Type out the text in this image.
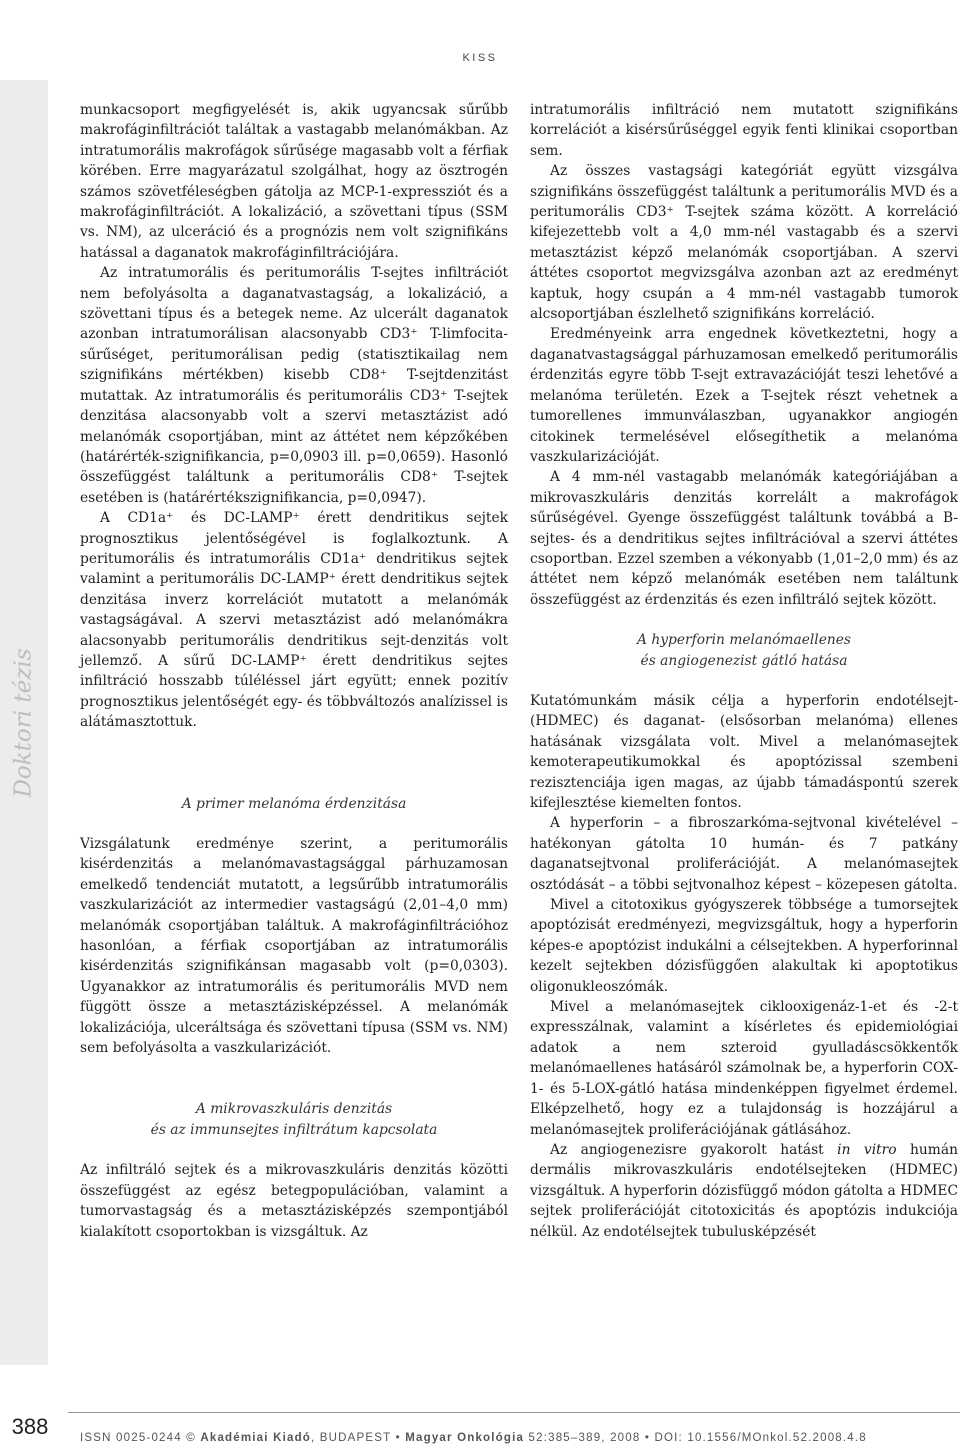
KISS
Doktori tézis

munkacsoport megfigyelését is, akik ugyancsak sűrűbb makrofáginfiltrációt találtak a vastagabb melanómákban. Az intratumorális makrofágok sűrűsége magasabb volt a férfiak körében. Erre magyarázatul szolgálhat, hogy az ösztrogén számos szövetféleségben gátolja az MCP-1-expressziót és a makrofáginfiltrációt. A lokalizáció, a szövettani típus (SSM vs. NM), az ulceráció és a prognózis nem volt szignifikáns hatással a daganatok makrofáginfiltrációjára.

Az intratumorális és peritumorális T-sejtes infiltrációt nem befolyásolta a daganatvastagság, a lokalizáció, a szövettani típus és a betegek neme. Az ulcerált daganatok azonban intratumorálisan alacsonyabb CD3⁺ T-limfocita-sűrűséget, peritumorálisan pedig (statisztikailag nem szignifikáns mértékben) kisebb CD8⁺ T-sejtdenzitást mutattak. Az intratumorális és peritumorális CD3⁺ T-sejtek denzitása alacsonyabb volt a szervi metasztázist adó melanómák csoportjában, mint az áttétet nem képzőkében (határérték-szignifikancia, p=0,0903 ill. p=0,0659). Hasonló összefüggést találtunk a peritumorális CD8⁺ T-sejtek esetében is (határértékszignifikancia, p=0,0947).

A CD1a⁺ és DC-LAMP⁺ érett dendritikus sejtek prognosztikus jelentőségével is foglalkoztunk. A peritumorális és intratumorális CD1a⁺ dendritikus sejtek valamint a peritumorális DC-LAMP⁺ érett dendritikus sejtek denzitása inverz korrelációt mutatott a melanómák vastagságával. A szervi metasztázist adó melanómákra alacsonyabb peritumorális dendritikus sejt-denzitás volt jellemző. A sűrű DC-LAMP⁺ érett dendritikus sejtes infiltráció hosszabb túléléssel járt együtt; ennek pozitív prognosztikus jelentőségét egy- és többváltozós analízissel is alátámasztottuk.

A primer melanóma érdenzitása

Vizsgálatunk eredménye szerint, a peritumorális kisérdenzitás a melanómavastagsággal párhuzamosan emelkedő tendenciát mutatott, a legsűrűbb intratumorális vaszkularizációt az intermedier vastagságú (2,01–4,0 mm) melanómák csoportjában találtuk. A makrofáginfiltrációhoz hasonlóan, a férfiak csoportjában az intratumorális kisérdenzitás szignifikánsan magasabb volt (p=0,0303). Ugyanakkor az intratumorális és peritumorális MVD nem függött össze a metasztázisképzéssel. A melanómák lokalizációja, ulceráltsága és szövettani típusa (SSM vs. NM) sem befolyásolta a vaszkularizációt.

A mikrovaszkuláris denzitás
és az immunsejtes infiltrátum kapcsolata

Az infiltráló sejtek és a mikrovaszkuláris denzitás közötti összefüggést az egész betegpopulációban, valamint a tumorvastagság és a metasztázisképzés szempontjából kialakított csoportokban is vizsgáltuk. Az

intratumorális infiltráció nem mutatott szignifikáns korrelációt a kisérsűrűséggel egyik fenti klinikai csoportban sem.

Az összes vastagsági kategóriát együtt vizsgálva szignifikáns összefüggést találtunk a peritumorális MVD és a peritumorális CD3⁺ T-sejtek száma között. A korreláció kifejezettebb volt a 4,0 mm-nél vastagabb és a szervi metasztázist képző melanómák csoportjában. A szervi áttétes csoportot megvizsgálva azonban azt az eredményt kaptuk, hogy csupán a 4 mm-nél vastagabb tumorok alcsoportjában észlelhető szignifikáns korreláció.

Eredményeink arra engednek következtetni, hogy a daganatvastagsággal párhuzamosan emelkedő peritumorális érdenzitás egyre több T-sejt extravazációját teszi lehetővé a melanóma területén. Ezek a T-sejtek részt vehetnek a tumorellenes immunválaszban, ugyanakkor angiogén citokinek termelésével elősegíthetik a melanóma vaszkularizációját.

A 4 mm-nél vastagabb melanómák kategóriájában a mikrovaszkuláris denzitás korrelált a makrofágok sűrűségével. Gyenge összefüggést találtunk továbbá a B-sejtes- és a dendritikus sejtes infiltrációval a szervi áttétes csoportban. Ezzel szemben a vékonyabb (1,01–2,0 mm) és az áttétet nem képző melanómák esetében nem találtunk összefüggést az érdenzitás és ezen infiltráló sejtek között.

A hyperforin melanómaellenes
és angiogenezist gátló hatása

Kutatómunkám másik célja a hyperforin endotélsejt- (HDMEC) és daganat- (elsősorban melanóma) ellenes hatásának vizsgálata volt. Mivel a melanómasejtek kemoterapeutikumokkal és apoptózissal szembeni rezisztenciája igen magas, az újabb támadáspontú szerek kifejlesztése kiemelten fontos.

A hyperforin – a fibroszarkóma-sejtvonal kivételével – hatékonyan gátolta 10 humán- és 7 patkány daganatsejtvonal proliferációját. A melanómasejtek osztódását – a többi sejtvonalhoz képest – közepesen gátolta.

Mivel a citotoxikus gyógyszerek többsége a tumorsejtek apoptózisát eredményezi, megvizsgáltuk, hogy a hyperforin képes-e apoptózist indukálni a célsejtekben. A hyperforinnal kezelt sejtekben dózisfüggően alakultak ki apoptotikus oligonukleoszómák.

Mivel a melanómasejtek ciklooxigenáz-1-et és -2-t expresszálnak, valamint a kísérletes és epidemiológiai adatok a nem szteroid gyulladáscsökkentők melanómaellenes hatásáról számolnak be, a hyperforin COX-1- és 5-LOX-gátló hatása mindenképpen figyelmet érdemel. Elképzelhető, hogy ez a tulajdonság is hozzájárul a melanómasejtek proliferációjának gátlásához.

Az angiogenezisre gyakorolt hatást in vitro humán dermális mikrovaszkuláris endotélsejteken (HDMEC) vizsgáltuk. A hyperforin dózisfüggő módon gátolta a HDMEC sejtek proliferációját citotoxicitás és apoptózis indukciója nélkül. Az endotélsejtek tubulusképzését

388	ISSN 0025-0244 © Akadémiai Kiadó, BUDAPEST • Magyar Onkológia 52:385–389, 2008 • DOI: 10.1556/MOnkol.52.2008.4.8
